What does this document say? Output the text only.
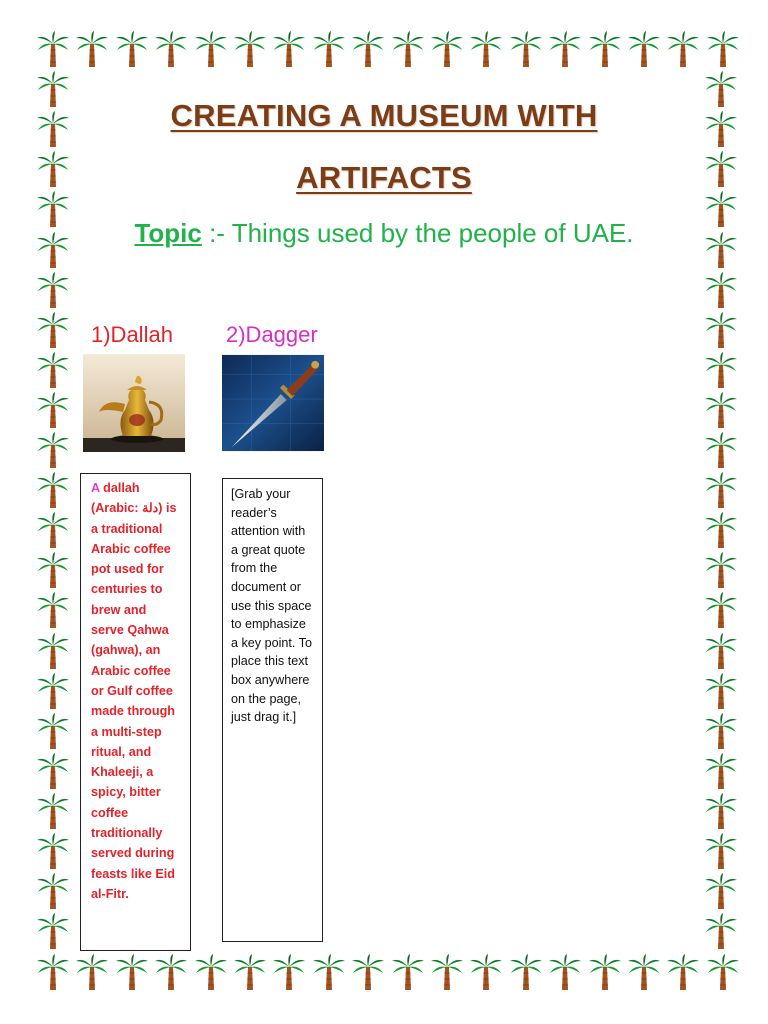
CREATING A MUSEUM WITH
ARTIFACTS
Topic :- Things used by the people of UAE.
1)Dallah 2)Dagger
A dallah (Arabic: دلة) is a traditional Arabic coffee pot used for centuries to brew and serve Qahwa (gahwa), an Arabic coffee or Gulf coffee made through a multi-step ritual, and Khaleeji, a spicy, bitter coffee traditionally served during feasts like Eid al-Fitr.
[Grab your reader’s attention with a great quote from the document or use this space to emphasize a key point. To place this text box anywhere on the page, just drag it.]
